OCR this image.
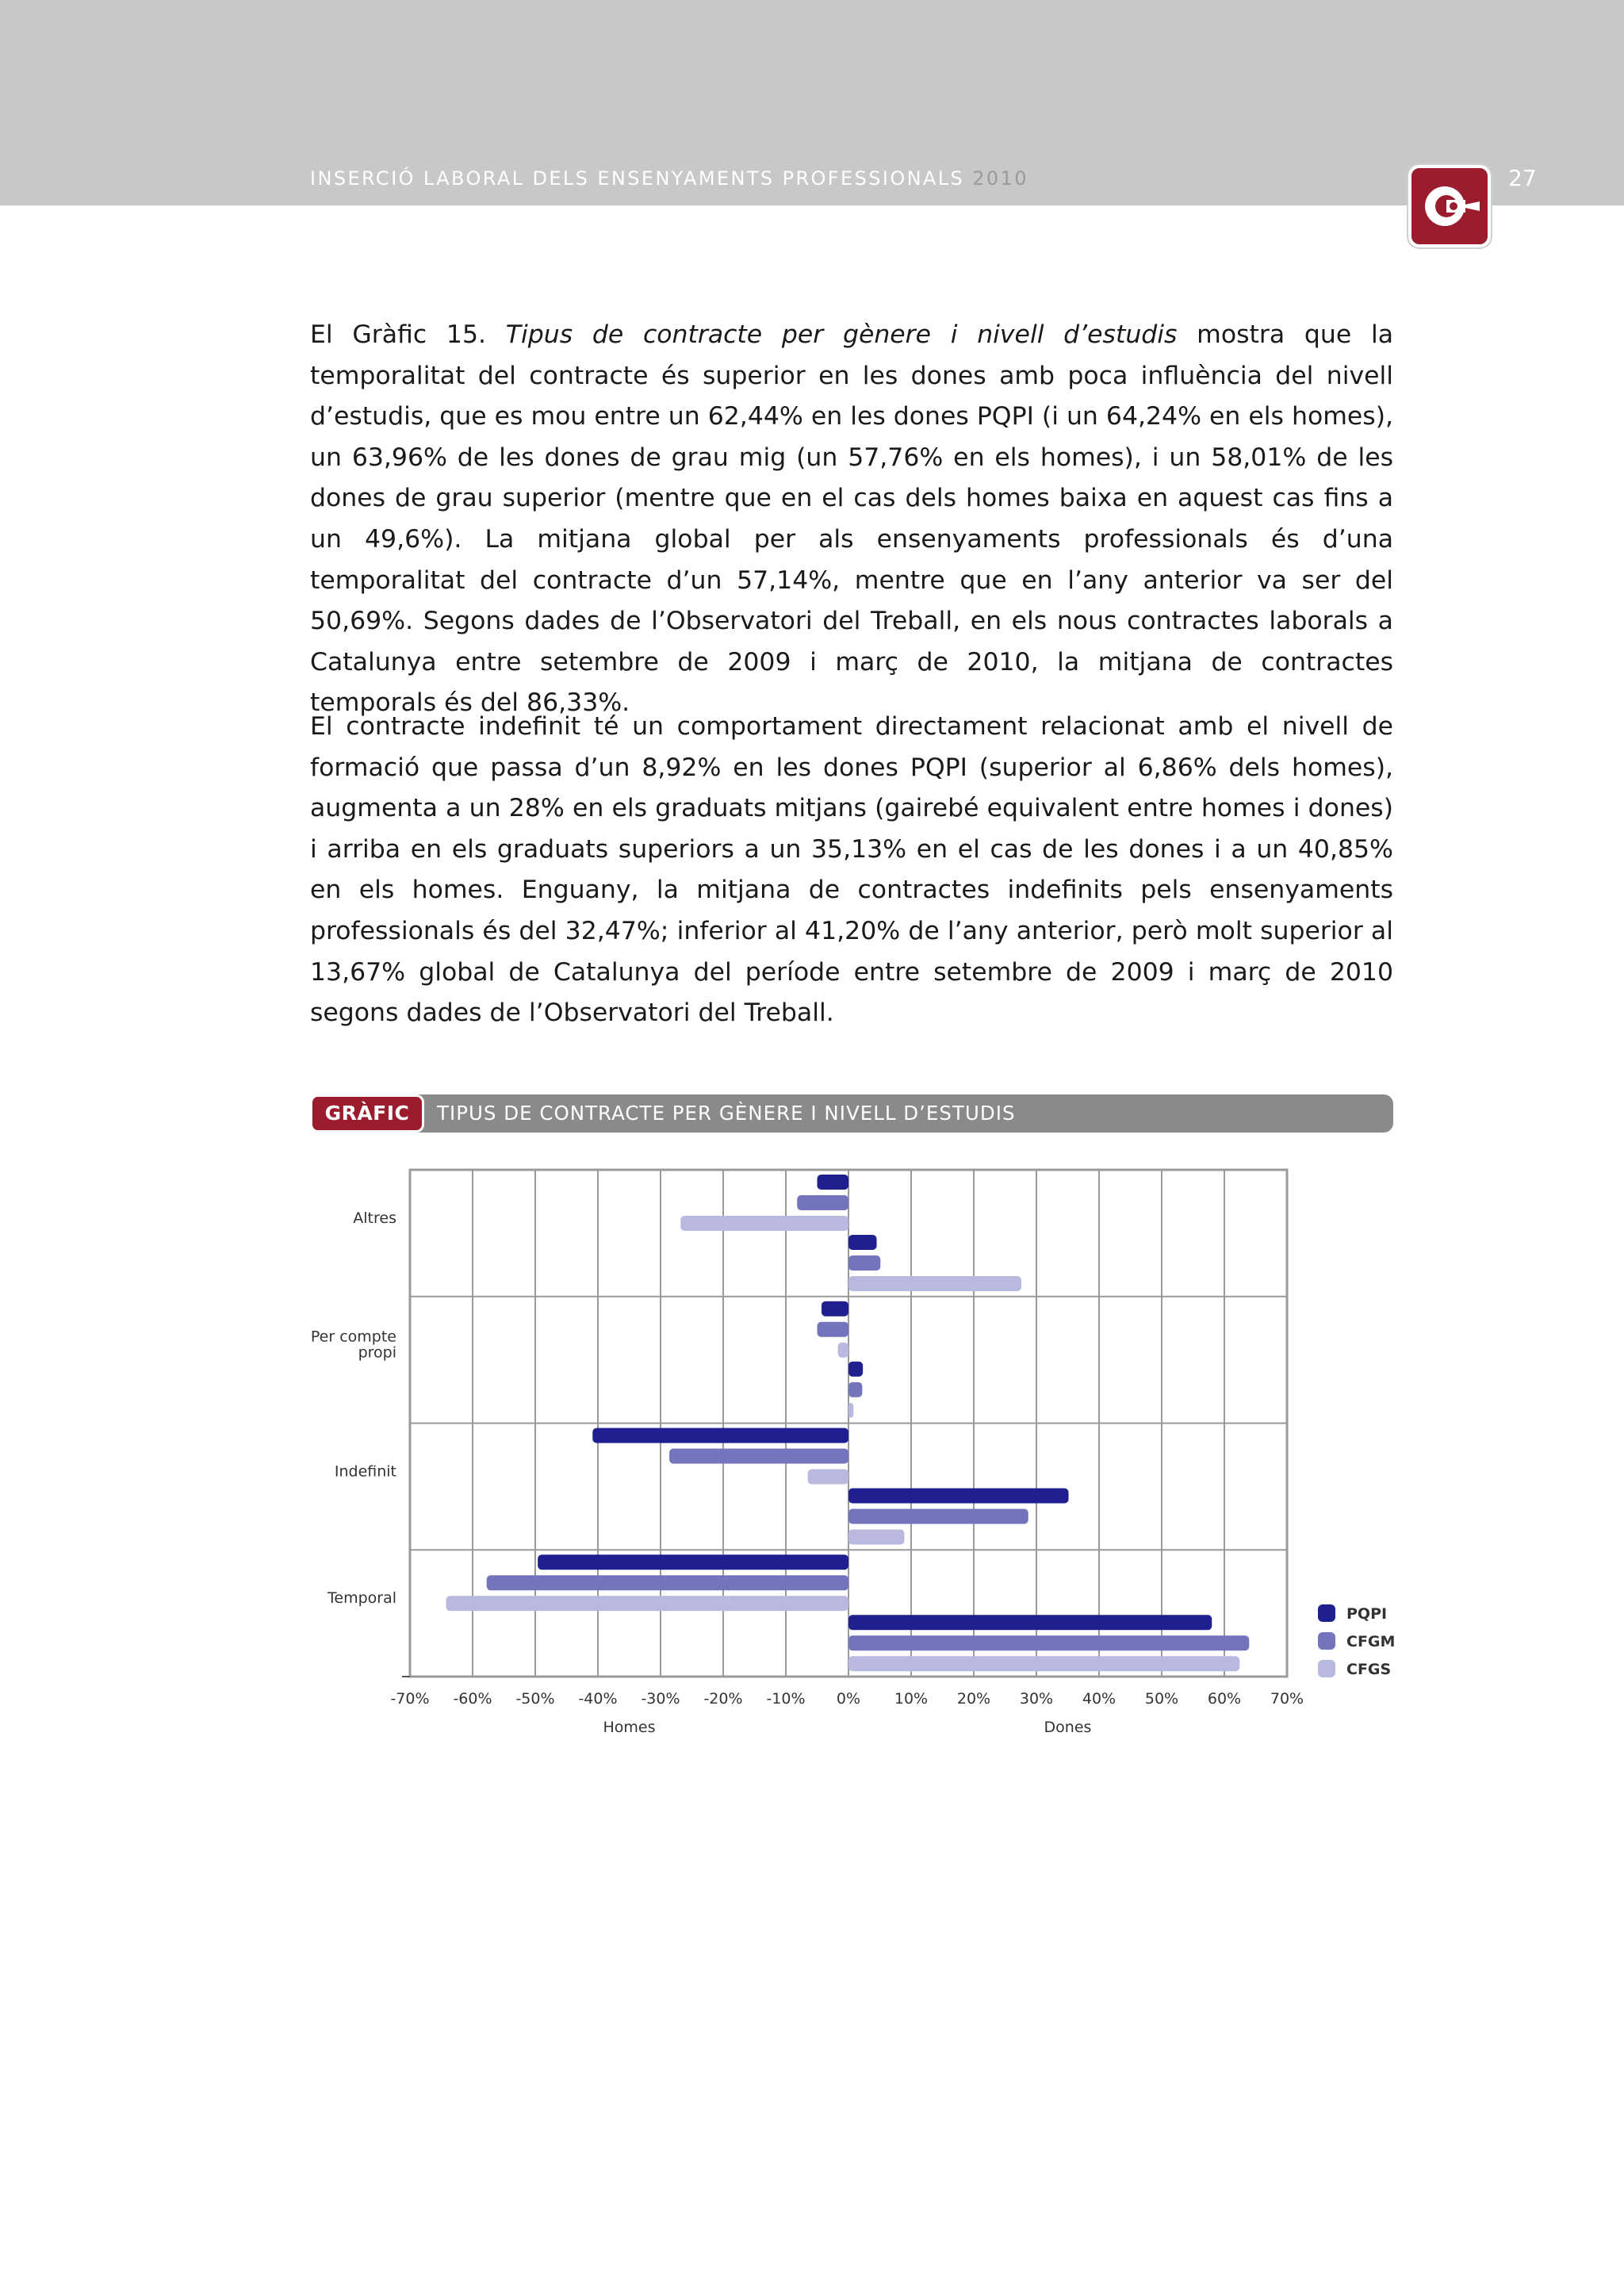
INSERCIÓ LABORAL DELS ENSENYAMENTS PROFESSIONALS 2010	27

El Gràfic 15. Tipus de contracte per gènere i nivell d’estudis mostra que la temporalitat del contracte és superior en les dones amb poca influència del nivell d’estudis, que es mou entre un 62,44% en les dones PQPI (i un 64,24% en els homes), un 63,96% de les dones de grau mig (un 57,76% en els homes), i un 58,01% de les dones de grau superior (mentre que en el cas dels homes baixa en aquest cas fins a un 49,6%). La mitjana global per als ensenyaments professionals és d’una temporalitat del contracte d’un 57,14%, mentre que en l’any anterior va ser del 50,69%. Segons dades de l’Observatori del Treball, en els nous contractes laborals a Catalunya entre setembre de 2009 i març de 2010, la mitjana de contractes temporals és del 86,33%.

El contracte indefinit té un comportament directament relacionat amb el nivell de formació que passa d’un 8,92% en les dones PQPI (superior al 6,86% dels homes), augmenta a un 28% en els graduats mitjans (gairebé equivalent entre homes i dones) i arriba en els graduats superiors a un 35,13% en el cas de les dones i a un 40,85% en els homes. Enguany, la mitjana de contractes indefinits pels ensenyaments professionals és del 32,47%; inferior al 41,20% de l’any anterior, però molt superior al 13,67% global de Catalunya del període entre setembre de 2009 i març de 2010 segons dades de l’Observatori del Treball.

GRÀFIC 15
TIPUS DE CONTRACTE PER GÈNERE I NIVELL D’ESTUDIS
Altres
Per compte
propi
Indefinit
Temporal
-70% -60% -50% -40% -30% -20% -10% 0% 10% 20% 30% 40% 50% 60% 70%
Homes	Dones
PQPI
CFGM
CFGS
